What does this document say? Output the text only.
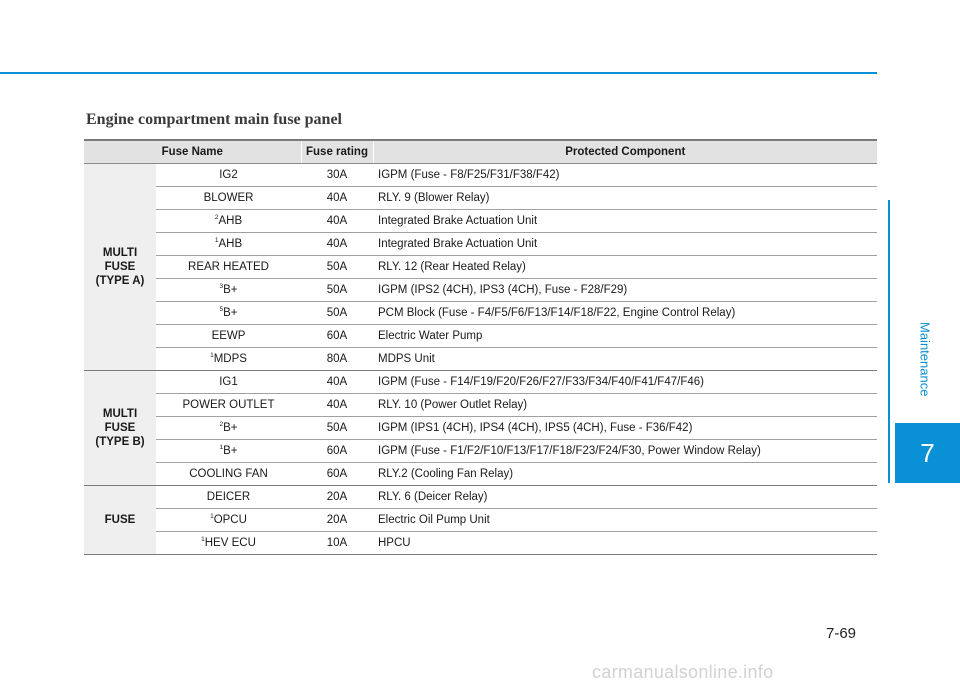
Engine compartment main fuse panel
Fuse Name		Fuse rating	Protected Component

MULTI
FUSE
(TYPE A)	IG2	30A	IGPM (Fuse - F8/F25/F31/F38/F42)
	BLOWER	40A	RLY. 9 (Blower Relay)
	$^2$AHB	40A	Integrated Brake Actuation Unit
	$^1$AHB	40A	Integrated Brake Actuation Unit
	REAR HEATED	50A	RLY. 12 (Rear Heated Relay)
	$^3$B+	50A	IGPM (IPS2 (4CH), IPS3 (4CH), Fuse - F28/F29)
	$^5$B+	50A	PCM Block (Fuse - F4/F5/F6/F13/F14/F18/F22, Engine Control Relay)
	EEWP	60A	Electric Water Pump
	$^1$MDPS	80A	MDPS Unit

MULTI
FUSE
(TYPE B)	IG1	40A	IGPM (Fuse - F14/F19/F20/F26/F27/F33/F34/F40/F41/F47/F46)
	POWER OUTLET	40A	RLY. 10 (Power Outlet Relay)
	$^2$B+	50A	IGPM (IPS1 (4CH), IPS4 (4CH), IPS5 (4CH), Fuse - F36/F42)
	$^1$B+	60A	IGPM (Fuse - F1/F2/F10/F13/F17/F18/F23/F24/F30, Power Window Relay)
	COOLING FAN	60A	RLY.2 (Cooling Fan Relay)

FUSE	DEICER	20A	RLY. 6 (Deicer Relay)
	$^1$OPCU	20A	Electric Oil Pump Unit
	$^1$HEV ECU	10A	HPCU
Maintenance
7
7-69
carmanualsonline.info
